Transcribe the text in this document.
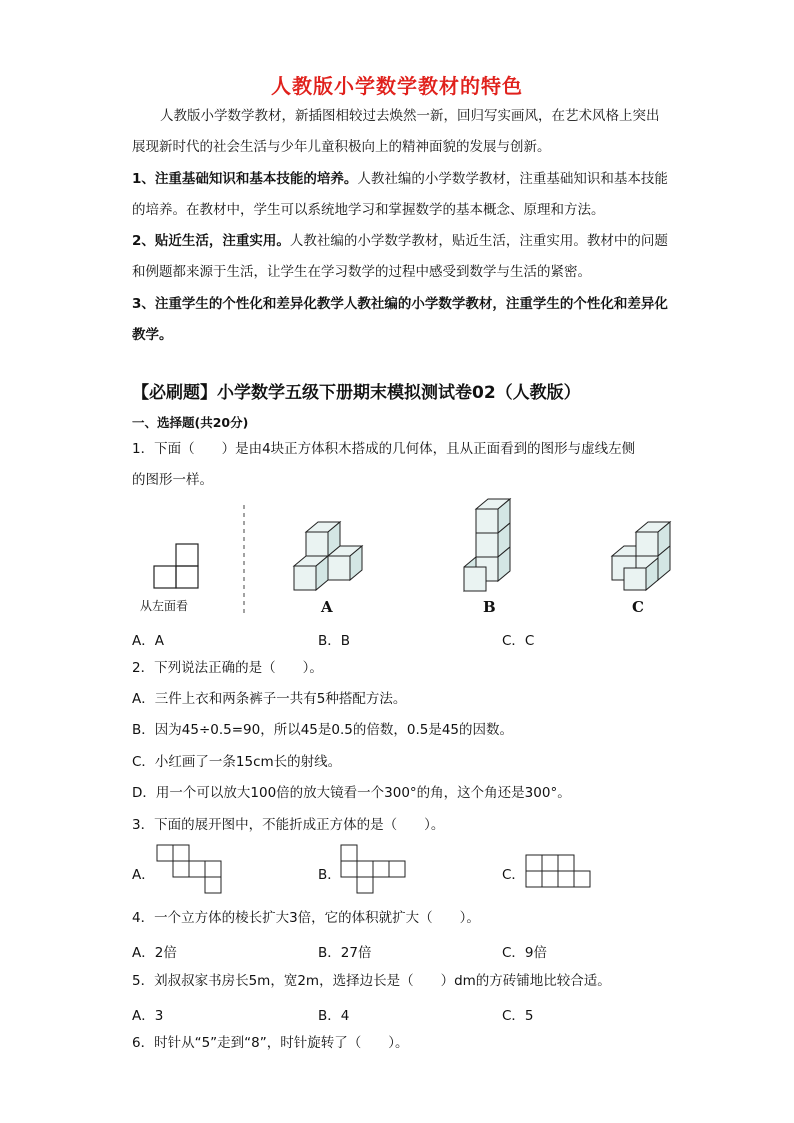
人教版小学数学教材的特色
人教版小学数学教材，新插图相较过去焕然一新，回归写实画风，在艺术风格上突出展现新时代的社会生活与少年儿童积极向上的精神面貌的发展与创新。
1、注重基础知识和基本技能的培养。人教社编的小学数学教材，注重基础知识和基本技能的培养。在教材中，学生可以系统地学习和掌握数学的基本概念、原理和方法。
2、贴近生活，注重实用。人教社编的小学数学教材，贴近生活，注重实用。教材中的问题和例题都来源于生活，让学生在学习数学的过程中感受到数学与生活的紧密。
3、注重学生的个性化和差异化教学人教社编的小学数学教材，注重学生的个性化和差异化教学。
【必刷题】小学数学五级下册期末模拟测试卷02（人教版）
一、选择题(共20分)
1．下面（　　）是由4块正方体积木搭成的几何体，且从正面看到的图形与虚线左侧
的图形一样。
从左面看	A	B	C
A．A	B．B	C．C
2．下列说法正确的是（　　）。
A．三件上衣和两条裤子一共有5种搭配方法。
B．因为45÷0.5=90，所以45是0.5的倍数，0.5是45的因数。
C．小红画了一条15cm长的射线。
D．用一个可以放大100倍的放大镜看一个300°的角，这个角还是300°。
3．下面的展开图中，不能折成正方体的是（　　）。
A．	B．	C．
4．一个立方体的棱长扩大3倍，它的体积就扩大（　　）。
A．2倍	B．27倍	C．9倍
5．刘叔叔家书房长5m，宽2m，选择边长是（　　）dm的方砖铺地比较合适。
A．3	B．4	C．5
6．时针从“5”走到“8”，时针旋转了（　　）。
